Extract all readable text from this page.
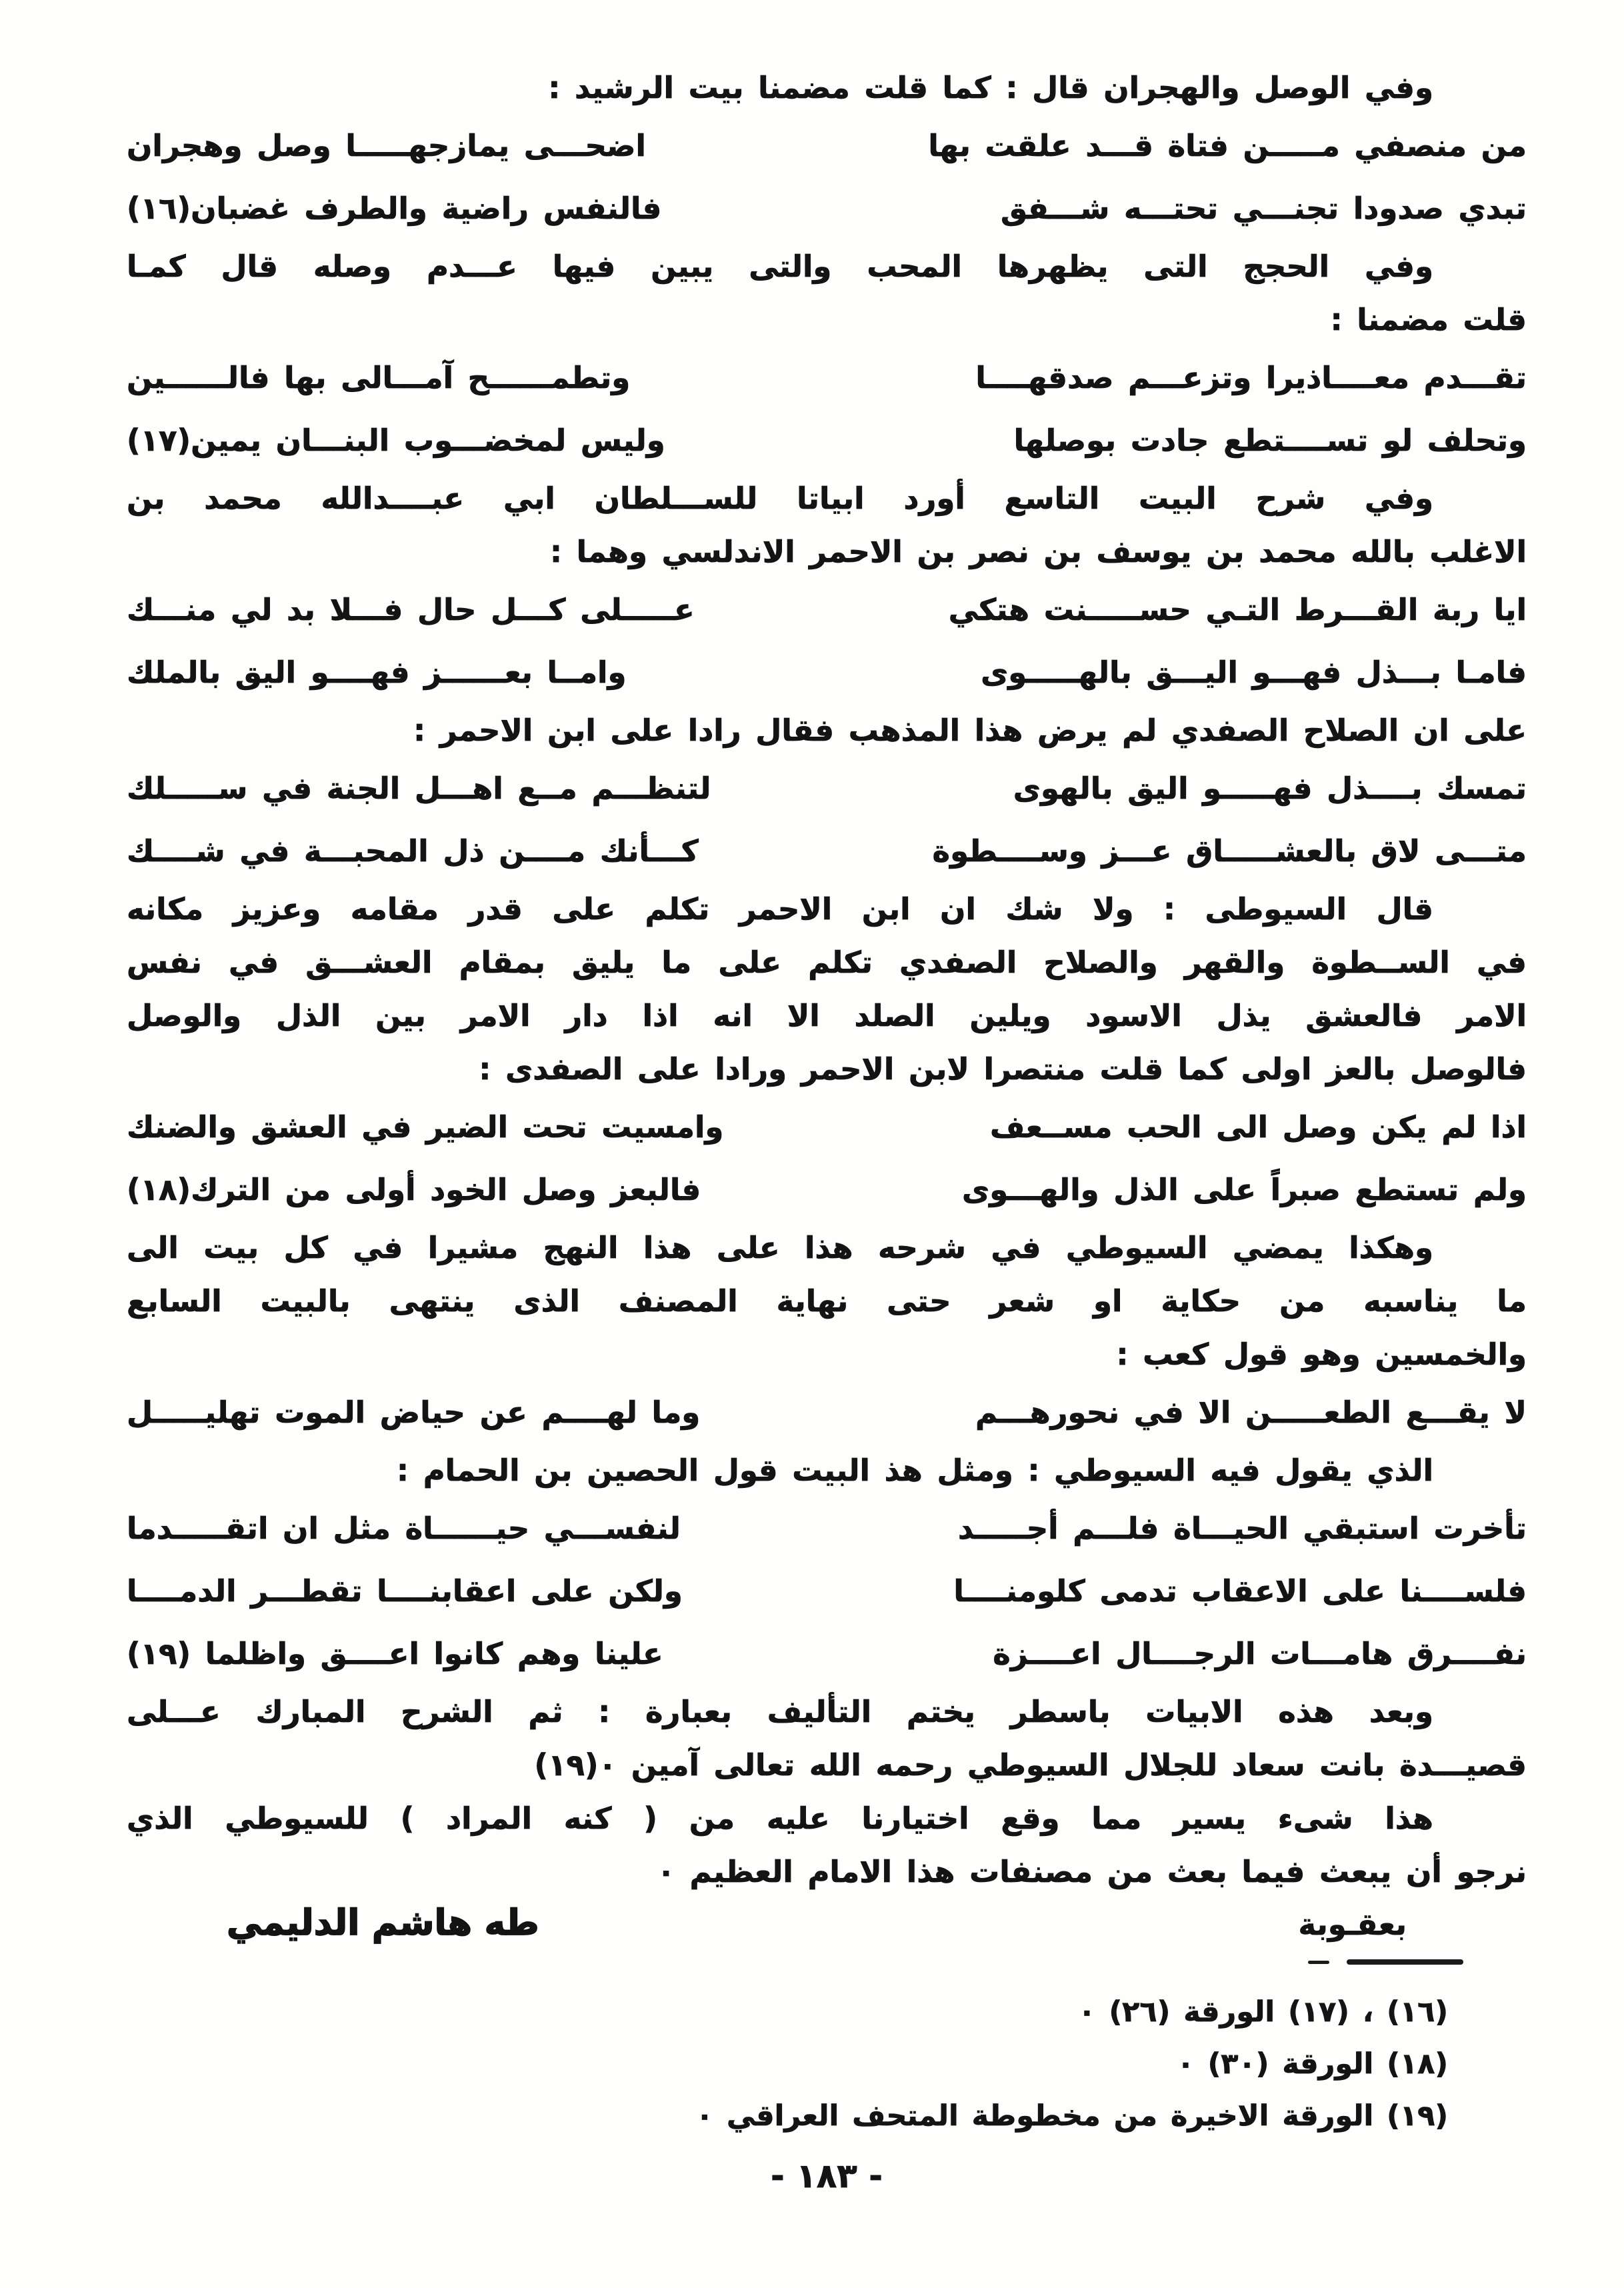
وفي الوصل والهجران قال : كما قلت مضمنا بيت الرشيد :
من منصفي مـــــن فتاة قـــد علقت بها
اضحـــى يمازجهـــــا وصل وهجران
تبدي صدودا تجنـــي تحتـــه شـــفق
فالنفس راضية والطرف غضبان(١٦)
وفي الحجج التى يظهرها المحب والتى يبين فيها عـــدم وصله قال كمـا
قلت مضمنا :
تقـــدم معــــاذيرا وتزعـــم صدقهــــا
وتطمــــــح آمـــالى بها فالــــــين
وتحلف لو تســــتطع جادت بوصلها
وليس لمخضـــوب البنـــان يمين(١٧)
وفي شرح البيت التاسع أورد ابياتا للســـلطان ابي عبــــدالله محمد بن
الاغلب بالله محمد بن يوسف بن نصر بن الاحمر الاندلسي وهما :
ايا ربة القـــرط التـي حســـــنت هتكي
عـــــلى كـــل حال فـــلا بد لي منـــك
فامـا بـــذل فهـــو اليـــق بالهـــــوى
وامــا بعــــــز فهــــو اليق بالملك
على ان الصلاح الصفدي لم يرض هذا المذهب فقال رادا على ابن الاحمر :
تمسك بــــذل فهـــــو اليق بالهوى
لتنظـــم مــع اهـــل الجنة في ســـــلك
متـــى لاق بالعشـــــاق عـــز وســــطوة
كـــأنك مــــن ذل المحبـــة في شــــك
قال السيوطى : ولا شك ان ابن الاحمر تكلم على قدر مقامه وعزيز مكانه
في الســطوة والقهر والصلاح الصفدي تكلم على ما يليق بمقام العشـــق في نفس
الامر فالعشق يذل الاسود ويلين الصلد الا انه اذا دار الامر بين الذل والوصل
فالوصل بالعز اولى كما قلت منتصرا لابن الاحمر ورادا على الصفدى :
اذا لم يكن وصل الى الحب مســعف
وامسيت تحت الضير في العشق والضنك
ولم تستطع صبراً على الذل والهـــوى
فالبعز وصل الخود أولى من الترك(١٨)
وهكذا يمضي السيوطي في شرحه هذا على هذا النهج مشيرا في كل بيت الى
ما يناسبه من حكاية او شعر حتى نهاية المصنف الذى ينتهى بالبيت السابع
والخمسين وهو قول كعب :
لا يقـــع الطعـــــن الا في نحورهـــم
وما لهــــم عن حياض الموت تهليـــــل
الذي يقول فيه السيوطي : ومثل هذ البيت قول الحصين بن الحمام :
تأخرت استبقي الحيـــاة فلـــم أجـــــد
لنفســـي حيــــــاة مثل ان اتقـــــدما
فلســــنا على الاعقاب تدمى كلومنــــا
ولكن على اعقابنــــا تقطـــر الدمــــا
نفــــرق هامـــات الرجــــال اعــــزة
علينا وهم كانوا اعــــق واظلما (١٩)
وبعد هذه الابيات باسطر يختم التأليف بعبارة : ثم الشرح المبارك عـــلى
قصيـــدة بانت سعاد للجلال السيوطي رحمه الله تعالى آمين ٠(١٩)
هذا شىء يسير مما وقع اختيارنا عليه من ( كنه المراد ) للسيوطي الذي
نرجو أن يبعث فيما بعث من مصنفات هذا الامام العظيم ٠
بعقـوبة
طه هاشم الدليمي
(١٦) ، (١٧) الورقة (٢٦) ٠
(١٨) الورقة (٣٠) ٠
(١٩) الورقة الاخيرة من مخطوطة المتحف العراقي ٠
- ١٨٣ -
